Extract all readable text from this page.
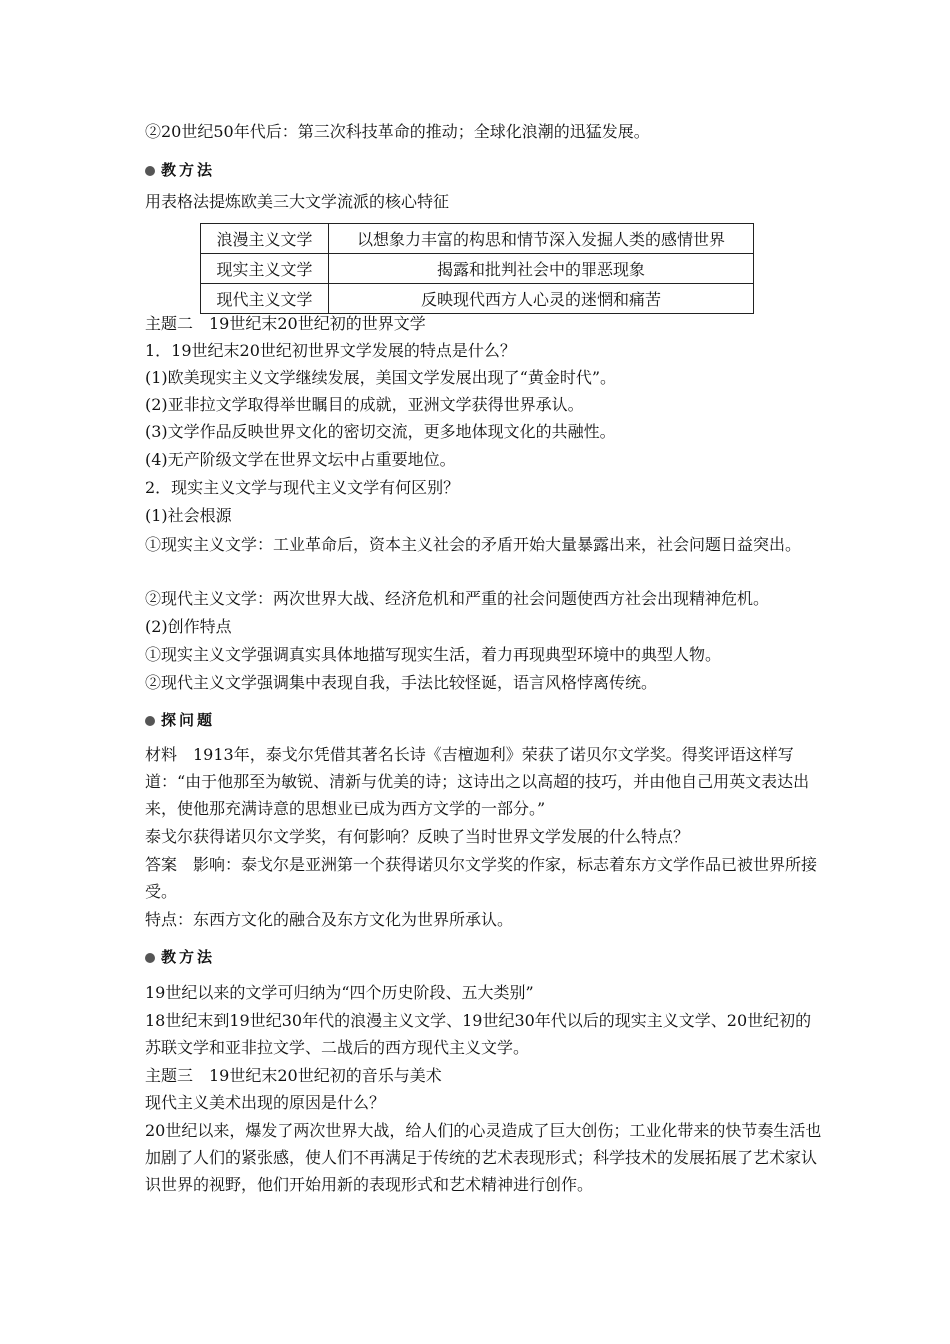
②20世纪50年代后：第三次科技革命的推动；全球化浪潮的迅猛发展。
教方法
用表格法提炼欧美三大文学流派的核心特征
浪漫主义文学	以想象力丰富的构思和情节深入发掘人类的感情世界
现实主义文学	揭露和批判社会中的罪恶现象
现代主义文学	反映现代西方人心灵的迷惘和痛苦
主题二　19世纪末20世纪初的世界文学
1．19世纪末20世纪初世界文学发展的特点是什么？
(1)欧美现实主义文学继续发展，美国文学发展出现了“黄金时代”。
(2)亚非拉文学取得举世瞩目的成就，亚洲文学获得世界承认。
(3)文学作品反映世界文化的密切交流，更多地体现文化的共融性。
(4)无产阶级文学在世界文坛中占重要地位。
2．现实主义文学与现代主义文学有何区别？
(1)社会根源
①现实主义文学：工业革命后，资本主义社会的矛盾开始大量暴露出来，社会问题日益突出。
②现代主义文学：两次世界大战、经济危机和严重的社会问题使西方社会出现精神危机。
(2)创作特点
①现实主义文学强调真实具体地描写现实生活，着力再现典型环境中的典型人物。
②现代主义文学强调集中表现自我，手法比较怪诞，语言风格悖离传统。
探问题
材料　1913年，泰戈尔凭借其著名长诗《吉檀迦利》荣获了诺贝尔文学奖。得奖评语这样写道：“由于他那至为敏锐、清新与优美的诗；这诗出之以高超的技巧，并由他自己用英文表达出来，使他那充满诗意的思想业已成为西方文学的一部分。”
泰戈尔获得诺贝尔文学奖，有何影响？反映了当时世界文学发展的什么特点？
答案　影响：泰戈尔是亚洲第一个获得诺贝尔文学奖的作家，标志着东方文学作品已被世界所接受。
特点：东西方文化的融合及东方文化为世界所承认。
教方法
19世纪以来的文学可归纳为“四个历史阶段、五大类别”
18世纪末到19世纪30年代的浪漫主义文学、19世纪30年代以后的现实主义文学、20世纪初的苏联文学和亚非拉文学、二战后的西方现代主义文学。
主题三　19世纪末20世纪初的音乐与美术
现代主义美术出现的原因是什么？
20世纪以来，爆发了两次世界大战，给人们的心灵造成了巨大创伤；工业化带来的快节奏生活也加剧了人们的紧张感，使人们不再满足于传统的艺术表现形式；科学技术的发展拓展了艺术家认识世界的视野，他们开始用新的表现形式和艺术精神进行创作。
